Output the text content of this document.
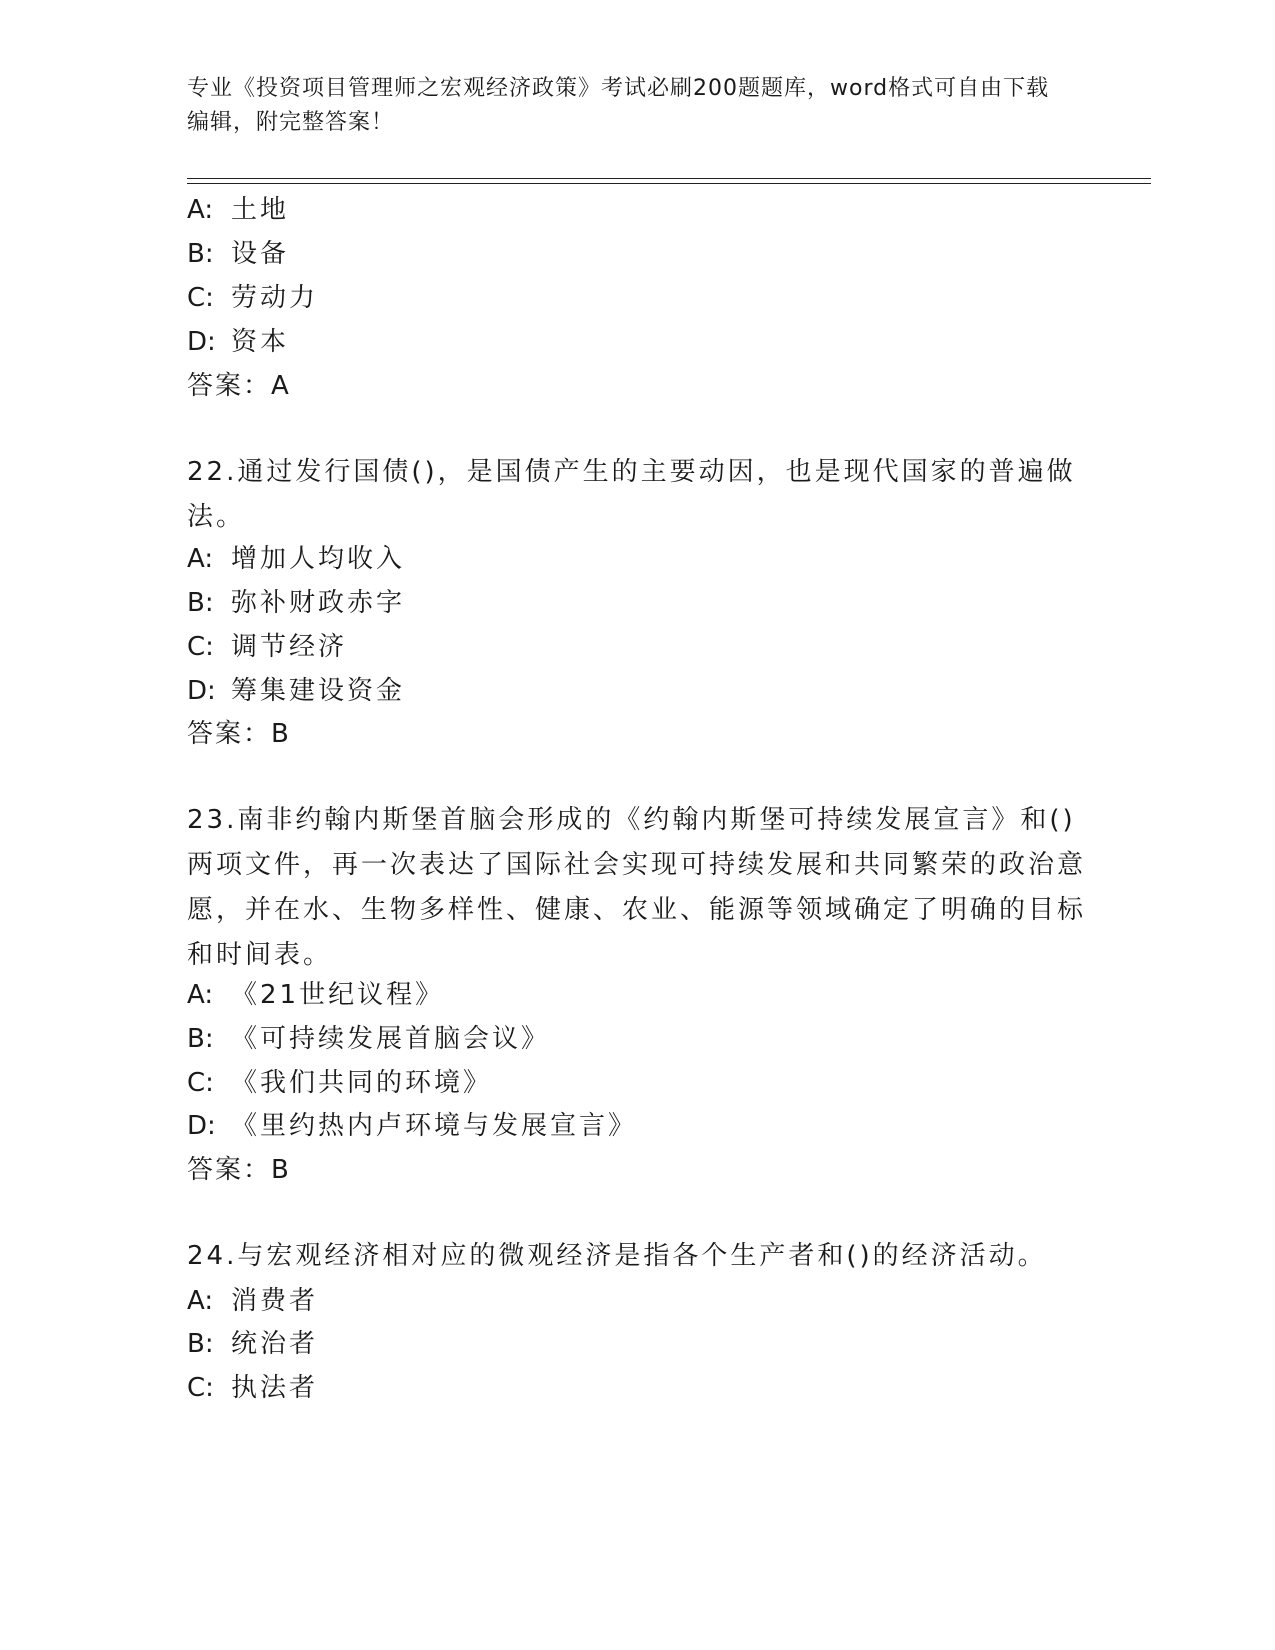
专业《投资项目管理师之宏观经济政策》考试必刷200题题库，word格式可自由下载编辑，附完整答案！
A: 土地
B: 设备
C: 劳动力
D: 资本
答案：A
22.通过发行国债()，是国债产生的主要动因，也是现代国家的普遍做法。
A: 增加人均收入
B: 弥补财政赤字
C: 调节经济
D: 筹集建设资金
答案：B
23.南非约翰内斯堡首脑会形成的《约翰内斯堡可持续发展宣言》和()两项文件，再一次表达了国际社会实现可持续发展和共同繁荣的政治意愿，并在水、生物多样性、健康、农业、能源等领域确定了明确的目标和时间表。
A: 《21世纪议程》
B: 《可持续发展首脑会议》
C: 《我们共同的环境》
D: 《里约热内卢环境与发展宣言》
答案：B
24.与宏观经济相对应的微观经济是指各个生产者和()的经济活动。
A: 消费者
B: 统治者
C: 执法者
